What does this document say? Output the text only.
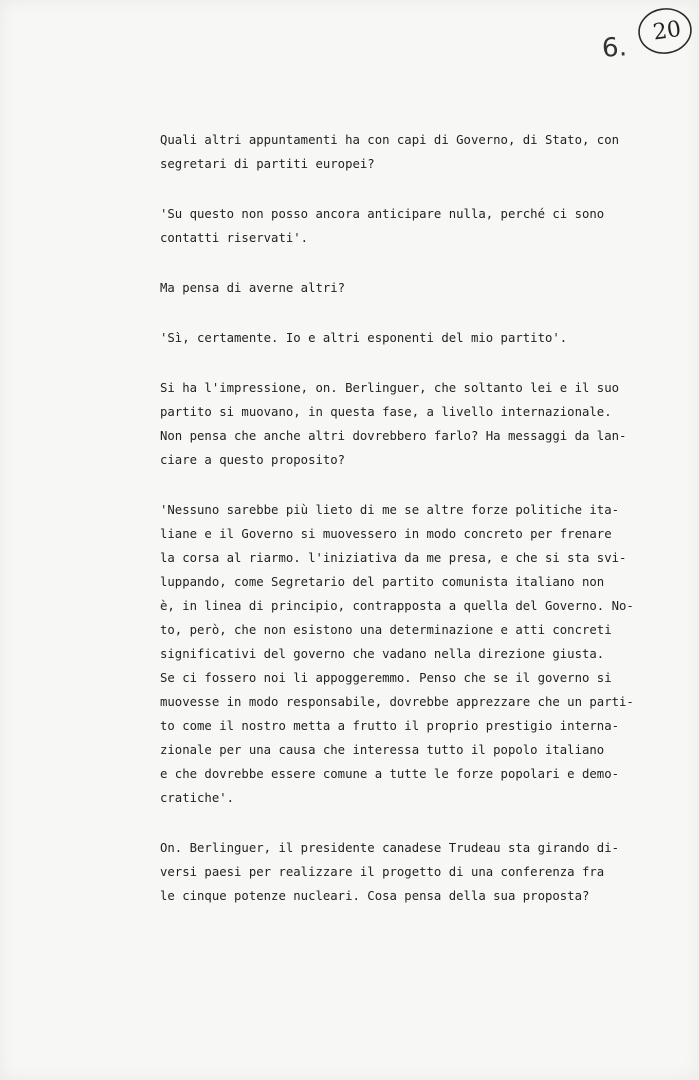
20
6.
Quali altri appuntamenti ha con capi di Governo, di Stato, con
segretari di partiti europei?
'Su questo non posso ancora anticipare nulla, perché ci sono
contatti riservati'.
Ma pensa di averne altri?
'Sì, certamente. Io e altri esponenti del mio partito'.
Si ha l'impressione, on. Berlinguer, che soltanto lei e il suo
partito si muovano, in questa fase, a livello internazionale.
Non pensa che anche altri dovrebbero farlo? Ha messaggi da lan-
ciare a questo proposito?
'Nessuno sarebbe più lieto di me se altre forze politiche ita-
liane e il Governo si muovessero in modo concreto per frenare
la corsa al riarmo. l'iniziativa da me presa, e che si sta svi-
luppando, come Segretario del partito comunista italiano non
è, in linea di principio, contrapposta a quella del Governo. No-
to, però, che non esistono una determinazione e atti concreti
significativi del governo che vadano nella direzione giusta.
Se ci fossero noi li appoggeremmo. Penso che se il governo si
muovesse in modo responsabile, dovrebbe apprezzare che un parti-
to come il nostro metta a frutto il proprio prestigio interna-
zionale per una causa che interessa tutto il popolo italiano
e che dovrebbe essere comune a tutte le forze popolari e demo-
cratiche'.
On. Berlinguer, il presidente canadese Trudeau sta girando di-
versi paesi per realizzare il progetto di una conferenza fra
le cinque potenze nucleari. Cosa pensa della sua proposta?
